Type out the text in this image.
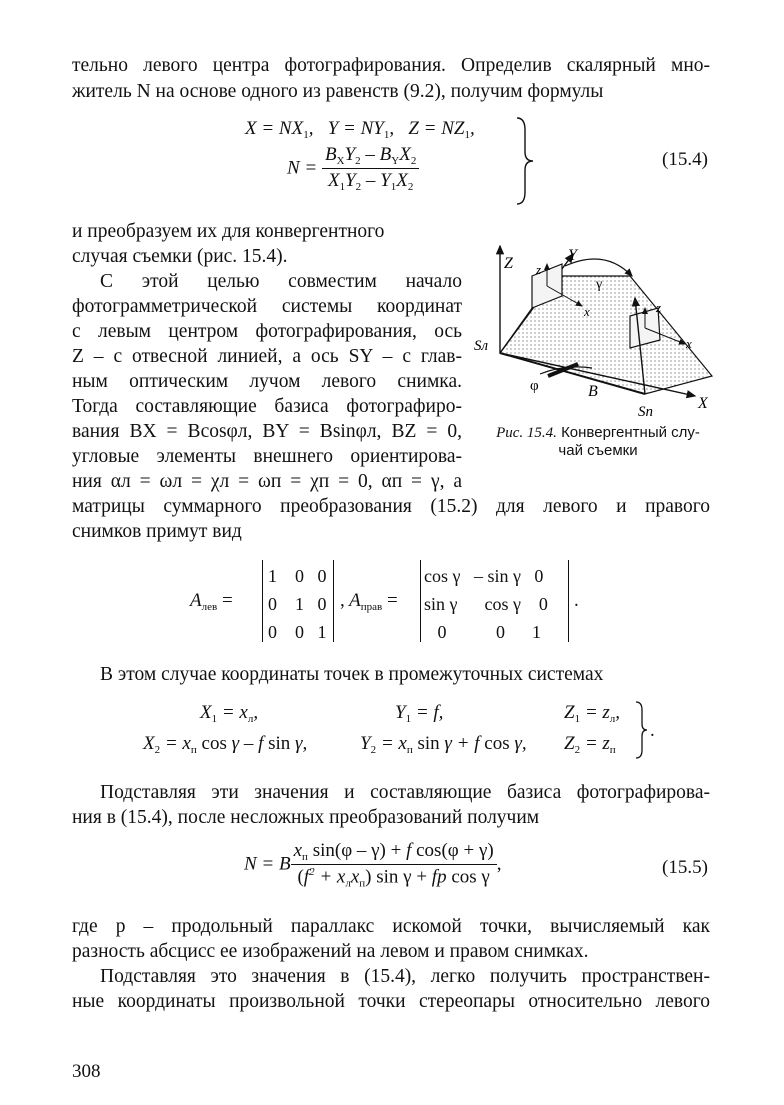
тельно левого центра фотографирования. Определив скалярный мно-
житель N на основе одного из равенств (9.2), получим формулы
$X = NX_1$,   $Y = NY_1$,   $Z = NZ_1$,
$N = \frac{B_XY_2 - B_YX_2}{X_1Y_2 - Y_1X_2}$	(15.4)
и преобразуем их для конвергентного
случая съемки (рис. 15.4).
С этой целью совместим начало
фотограмметрической системы координат
с левым центром фотографирования, ось
Z – с отвесной линией, а ось SY – с глав-
ным оптическим лучом левого снимка.
Тогда составляющие базиса фотографиро-
вания BX = Bcosφл, BY = Bsinφл, BZ = 0,
угловые элементы внешнего ориентирова-
ния αл = ωл = χл = ωп = χп = 0, αп = γ, а
матрицы суммарного преобразования (15.2) для левого и правого
снимков примут вид
Z	Y
z
x	z
x
X
Sл
Sп
B
φ
γ
Рис. 15.4. Конвергентный слу-
чай съемки
$A_{лев}$ =
1    0   0
0    1   0
0    0   1
, $A_{прав}$ =
cos γ   – sin γ   0
sin γ      cos γ    0
0           0      1
.
В этом случае координаты точек в промежуточных системах
$X_1 = x_л$,	$Y_1 = f$,	$Z_1 = z_л$,
$X_2 = x_п$ cos γ – f sin γ,	$Y_2 = x_п$ sin γ + f cos γ, $Z_2 = z_п$
.
Подставляя эти значения и составляющие базиса фотографирова-
ния в (15.4), после несложных преобразований получим
N = B $\frac{x_п \sin(\varphi - \gamma) + f \cos(\varphi + \gamma)}{(f^2 + x_лx_п) \sin \gamma + fp \cos \gamma}$ ,	(15.5)
где p – продольный параллакс искомой точки, вычисляемый как
разность абсцисс ее изображений на левом и правом снимках.
Подставляя это значения в (15.4), легко получить пространствен-
ные координаты произвольной точки стереопары относительно левого
308
